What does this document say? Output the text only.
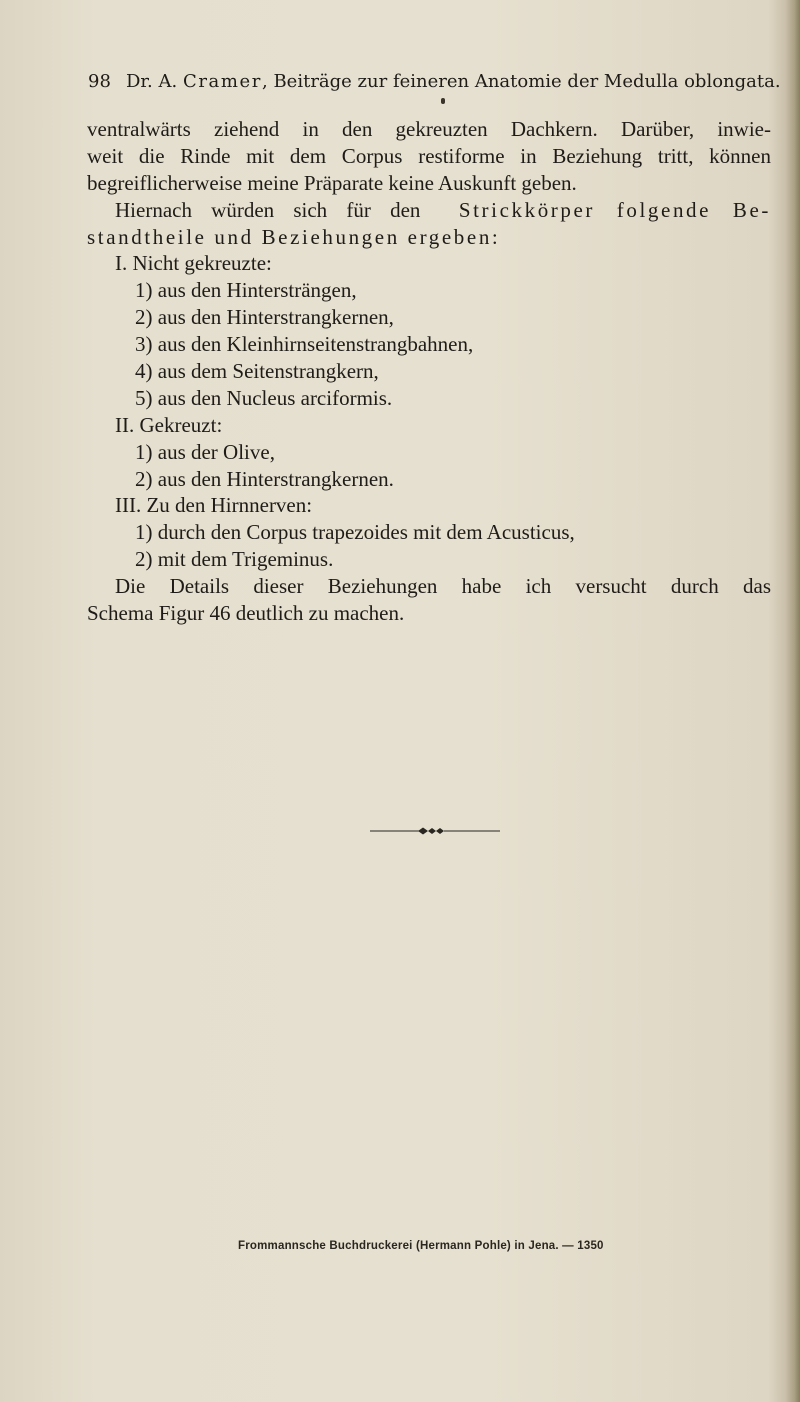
98 Dr. A. Cramer, Beiträge zur feineren Anatomie der Medulla oblongata.
ventralwärts ziehend in den gekreuzten Dachkern. Darüber, inwie-
weit die Rinde mit dem Corpus restiforme in Beziehung tritt, können
begreiflicherweise meine Präparate keine Auskunft geben.
Hiernach würden sich für den  Strickkörper folgende Be-
standtheile und Beziehungen ergeben:
I. Nicht gekreuzte:
1) aus den Hintersträngen,
2) aus den Hinterstrangkernen,
3) aus den Kleinhirnseitenstrangbahnen,
4) aus dem Seitenstrangkern,
5) aus den Nucleus arciformis.
II. Gekreuzt:
1) aus der Olive,
2) aus den Hinterstrangkernen.
III. Zu den Hirnnerven:
1) durch den Corpus trapezoides mit dem Acusticus,
2) mit dem Trigeminus.
Die Details dieser Beziehungen habe ich versucht durch das
Schema Figur 46 deutlich zu machen.
Frommannsche Buchdruckerei (Hermann Pohle) in Jena. — 1350
